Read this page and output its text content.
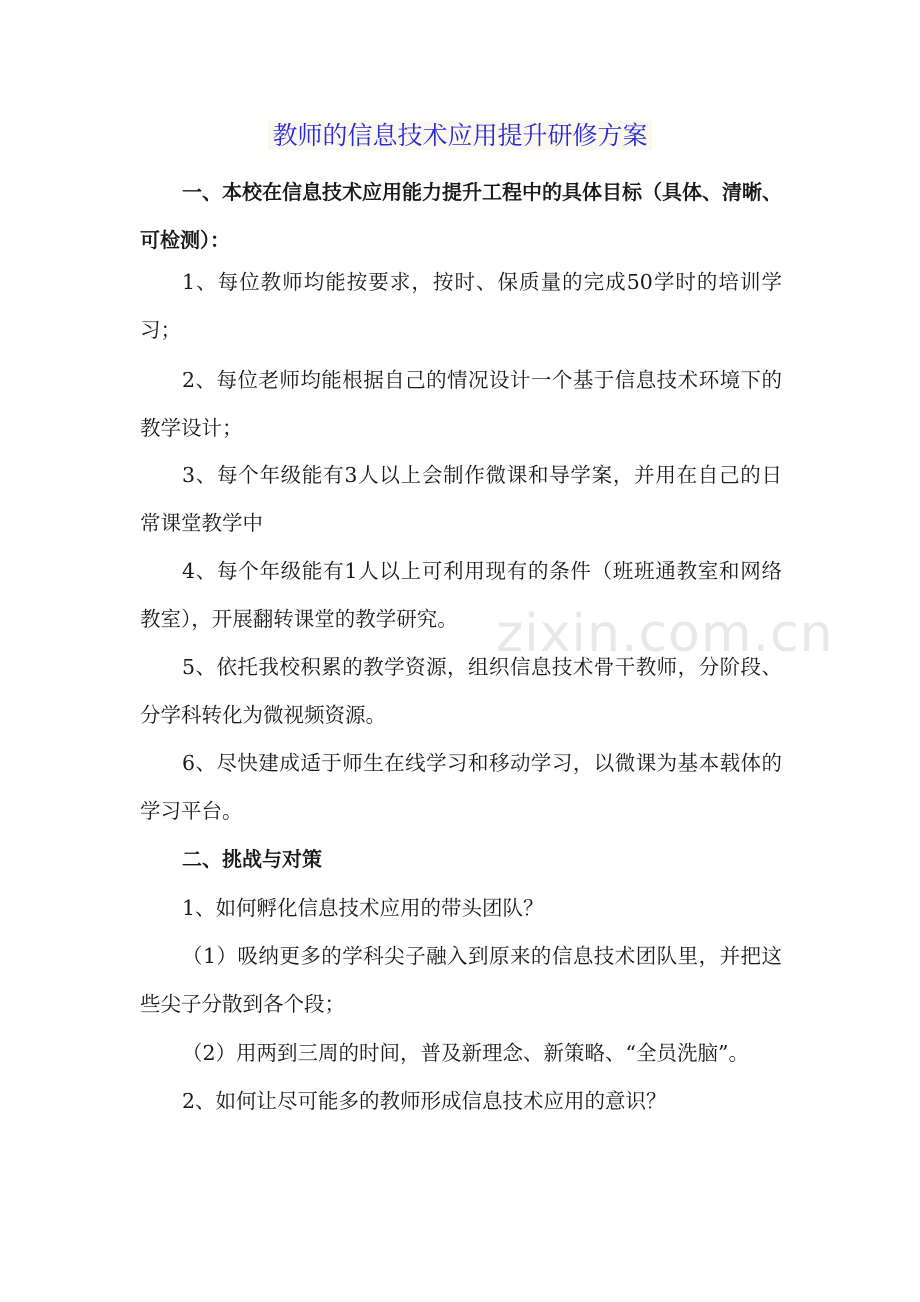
教师的信息技术应用提升研修方案

一、本校在信息技术应用能力提升工程中的具体目标（具体、清晰、可检测）：

1、每位教师均能按要求，按时、保质量的完成50学时的培训学习；

2、每位老师均能根据自己的情况设计一个基于信息技术环境下的教学设计；

3、每个年级能有3人以上会制作微课和导学案，并用在自己的日常课堂教学中

4、每个年级能有1人以上可利用现有的条件（班班通教室和网络教室），开展翻转课堂的教学研究。

5、依托我校积累的教学资源，组织信息技术骨干教师，分阶段、分学科转化为微视频资源。

6、尽快建成适于师生在线学习和移动学习，以微课为基本载体的学习平台。

二、挑战与对策

1、如何孵化信息技术应用的带头团队？

（1）吸纳更多的学科尖子融入到原来的信息技术团队里，并把这些尖子分散到各个段；

（2）用两到三周的时间，普及新理念、新策略、“全员洗脑”。

2、如何让尽可能多的教师形成信息技术应用的意识？

zixin.com.cn
